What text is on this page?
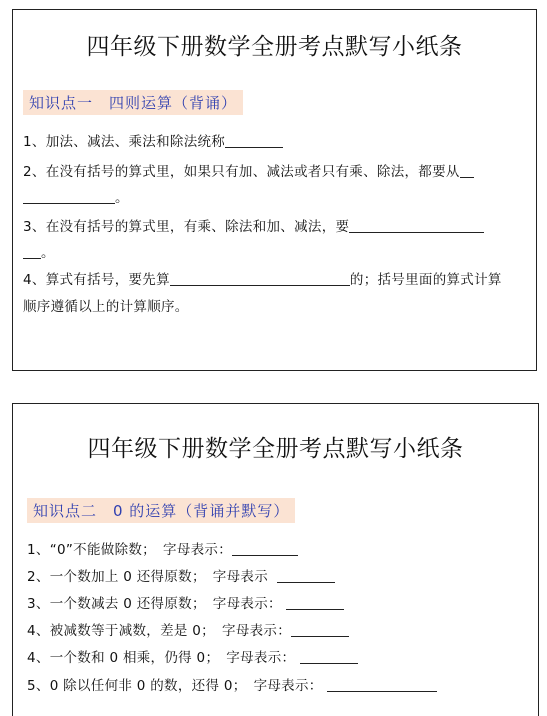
四年级下册数学全册考点默写小纸条
知识点一　四则运算（背诵）
1、加法、减法、乘法和除法统称
2、在没有括号的算式里，如果只有加、减法或者只有乘、除法，都要从
。
3、在没有括号的算式里，有乘、除法和加、减法，要
。
4、算式有括号，要先算	的；括号里面的算式计算
顺序遵循以上的计算顺序。
四年级下册数学全册考点默写小纸条
知识点二　0 的运算（背诵并默写）
1、“0”不能做除数；　字母表示：
2、一个数加上 0 还得原数；　字母表示
3、一个数减去 0 还得原数；　字母表示：
4、被减数等于减数，差是 0；　字母表示：
4、一个数和 0 相乘，仍得 0；　字母表示：
5、0 除以任何非 0 的数，还得 0；　字母表示：
